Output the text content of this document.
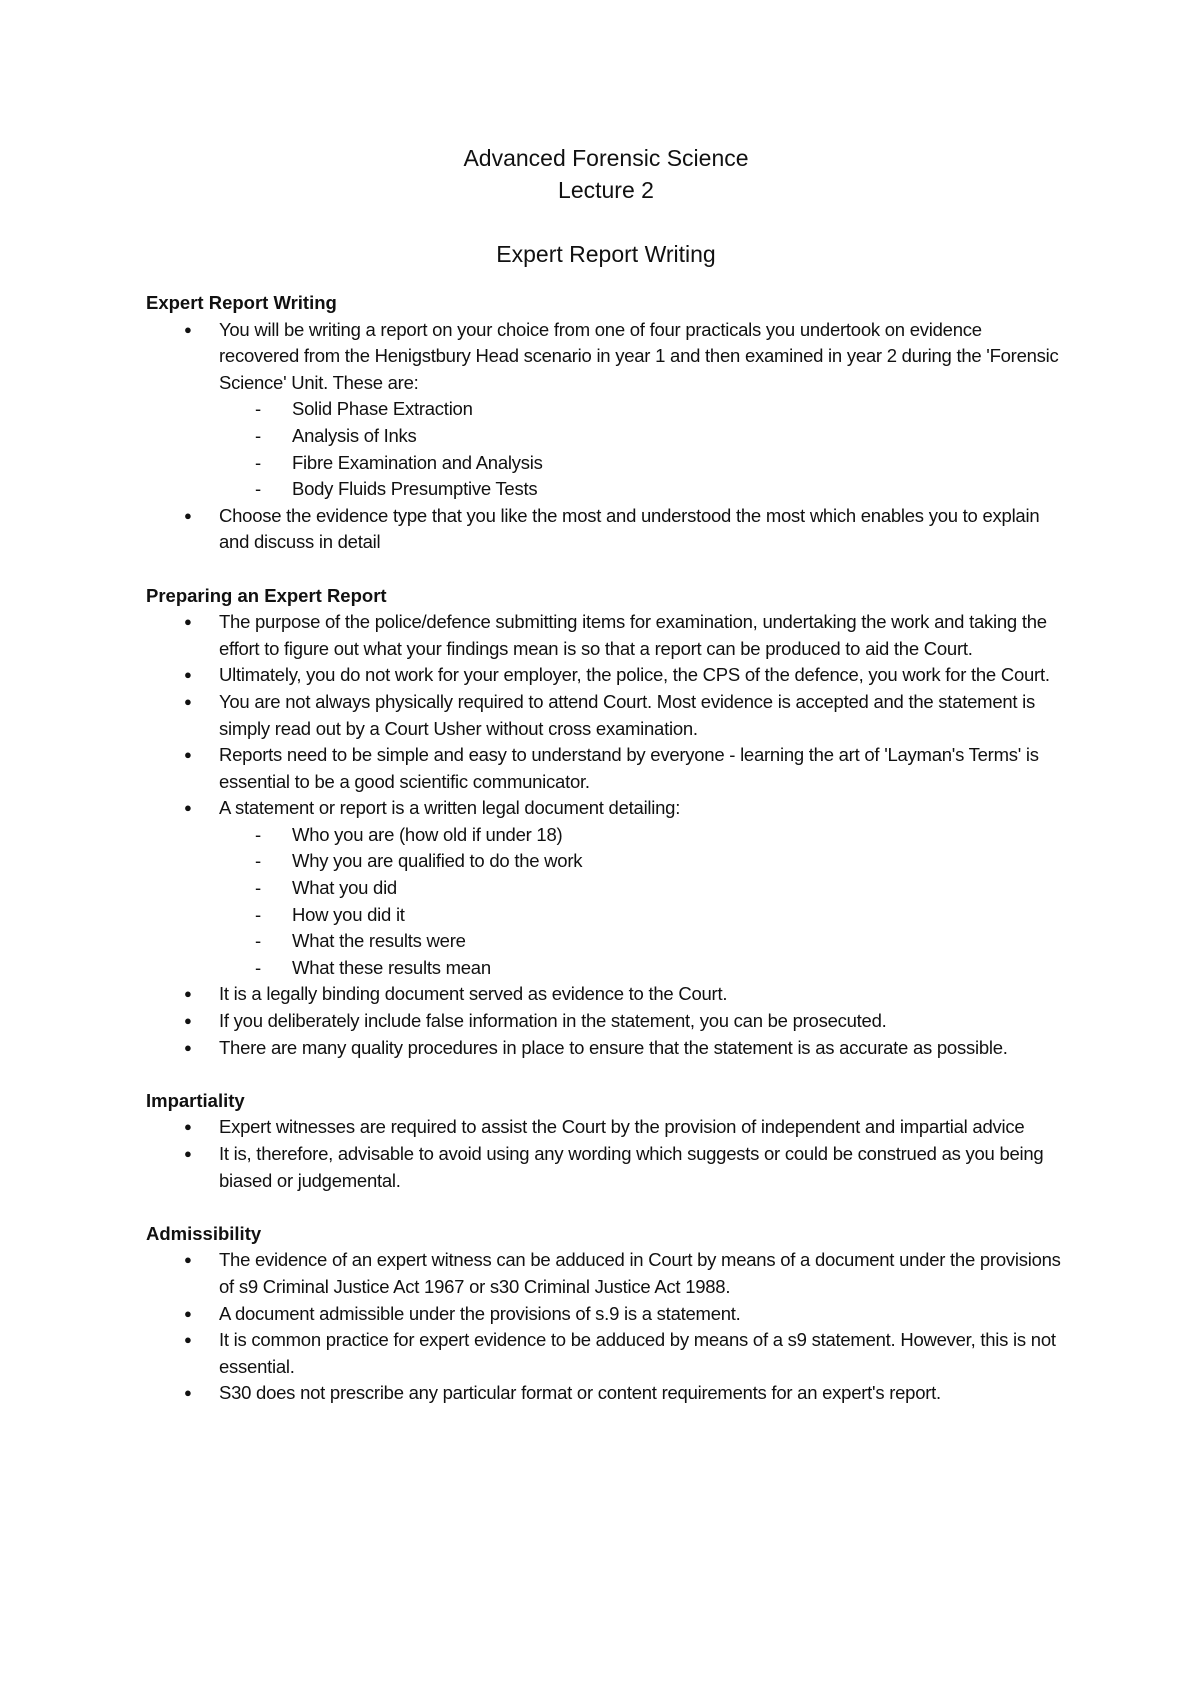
Advanced Forensic Science
Lecture 2
Expert Report Writing
Expert Report Writing
● You will be writing a report on your choice from one of four practicals you undertook on evidence recovered from the Henigstbury Head scenario in year 1 and then examined in year 2 during the 'Forensic Science' Unit. These are:
- Solid Phase Extraction
- Analysis of Inks
- Fibre Examination and Analysis
- Body Fluids Presumptive Tests
● Choose the evidence type that you like the most and understood the most which enables you to explain and discuss in detail
Preparing an Expert Report
● The purpose of the police/defence submitting items for examination, undertaking the work and taking the effort to figure out what your findings mean is so that a report can be produced to aid the Court.
● Ultimately, you do not work for your employer, the police, the CPS of the defence, you work for the Court.
● You are not always physically required to attend Court. Most evidence is accepted and the statement is simply read out by a Court Usher without cross examination.
● Reports need to be simple and easy to understand by everyone - learning the art of 'Layman's Terms' is essential to be a good scientific communicator.
● A statement or report is a written legal document detailing:
- Who you are (how old if under 18)
- Why you are qualified to do the work
- What you did
- How you did it
- What the results were
- What these results mean
● It is a legally binding document served as evidence to the Court.
● If you deliberately include false information in the statement, you can be prosecuted.
● There are many quality procedures in place to ensure that the statement is as accurate as possible.
Impartiality
● Expert witnesses are required to assist the Court by the provision of independent and impartial advice
● It is, therefore, advisable to avoid using any wording which suggests or could be construed as you being biased or judgemental.
Admissibility
● The evidence of an expert witness can be adduced in Court by means of a document under the provisions of s9 Criminal Justice Act 1967 or s30 Criminal Justice Act 1988.
● A document admissible under the provisions of s.9 is a statement.
● It is common practice for expert evidence to be adduced by means of a s9 statement. However, this is not essential.
● S30 does not prescribe any particular format or content requirements for an expert's report.
